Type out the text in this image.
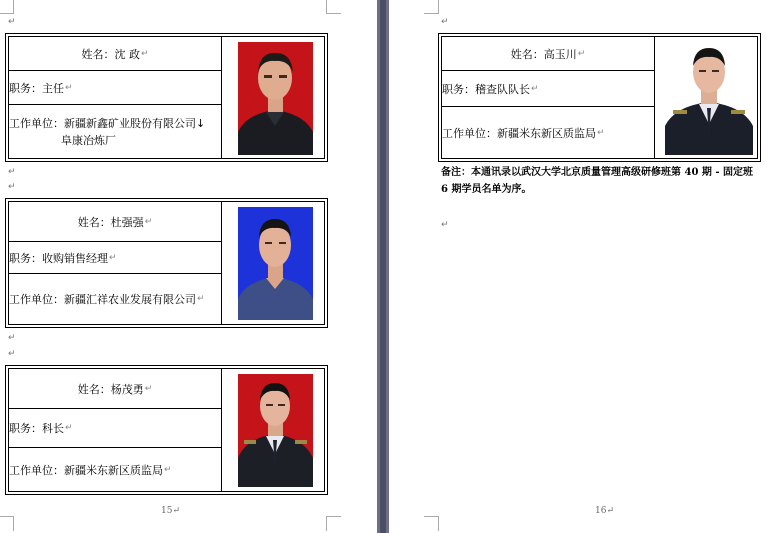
↵
姓名：沈 政 ↵
职务：主任 ↵
工作单位：新疆新鑫矿业股份有限公司↓
阜康冶炼厂
↵
↵
姓名：杜强强 ↵
职务：收购销售经理 ↵
工作单位：新疆汇祥农业发展有限公司 ↵
↵
↵
姓名：杨茂勇 ↵
职务：科长 ↵
工作单位：新疆米东新区质监局 ↵
15↵
↵
姓名：高玉川 ↵
职务：稽查队队长 ↵
工作单位：新疆米东新区质监局 ↵
↵
16↵
备注：本通讯录以武汉大学北京质量管理高级研修班第 40 期 - 固定班
6 期学员名单为序。
